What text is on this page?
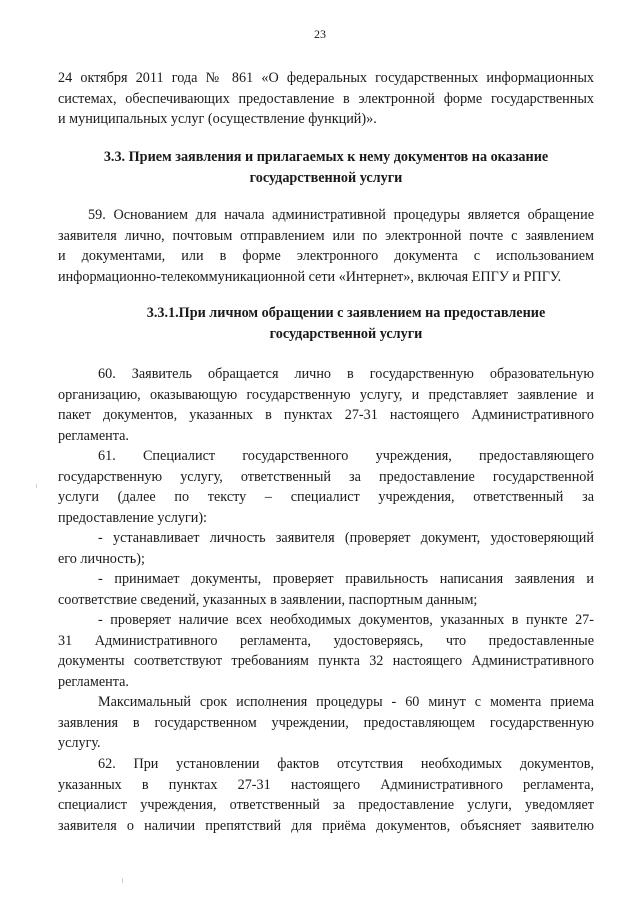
23
24 октября 2011 года № 861 «О федеральных государственных информационных
системах, обеспечивающих предоставление в электронной форме государственных
и муниципальных услуг (осуществление функций)».
3.3. Прием заявления и прилагаемых к нему документов на оказание
государственной услуги
59. Основанием для начала административной процедуры является обращение
заявителя лично, почтовым отправлением или по электронной почте с заявлением
и документами, или в форме электронного документа с использованием
информационно-телекоммуникационной сети «Интернет», включая ЕПГУ и РПГУ.
3.3.1.При личном обращении с заявлением на предоставление
государственной услуги
60. Заявитель обращается лично в государственную образовательную
организацию, оказывающую государственную услугу, и представляет заявление и
пакет документов, указанных в пунктах 27-31 настоящего Административного
регламента.
61. Специалист государственного учреждения, предоставляющего
государственную услугу, ответственный за предоставление государственной
услуги (далее по тексту – специалист учреждения, ответственный за
предоставление услуги):
- устанавливает личность заявителя (проверяет документ, удостоверяющий
его личность);
- принимает документы, проверяет правильность написания заявления и
соответствие сведений, указанных в заявлении, паспортным данным;
- проверяет наличие всех необходимых документов, указанных в пункте 27-
31 Административного регламента, удостоверяясь, что предоставленные
документы соответствуют требованиям пункта 32 настоящего Административного
регламента.
Максимальный срок исполнения процедуры - 60 минут с момента приема
заявления в государственном учреждении, предоставляющем государственную
услугу.
62. При установлении фактов отсутствия необходимых документов,
указанных в пунктах 27-31 настоящего Административного регламента,
специалист учреждения, ответственный за предоставление услуги, уведомляет
заявителя о наличии препятствий для приёма документов, объясняет заявителю
